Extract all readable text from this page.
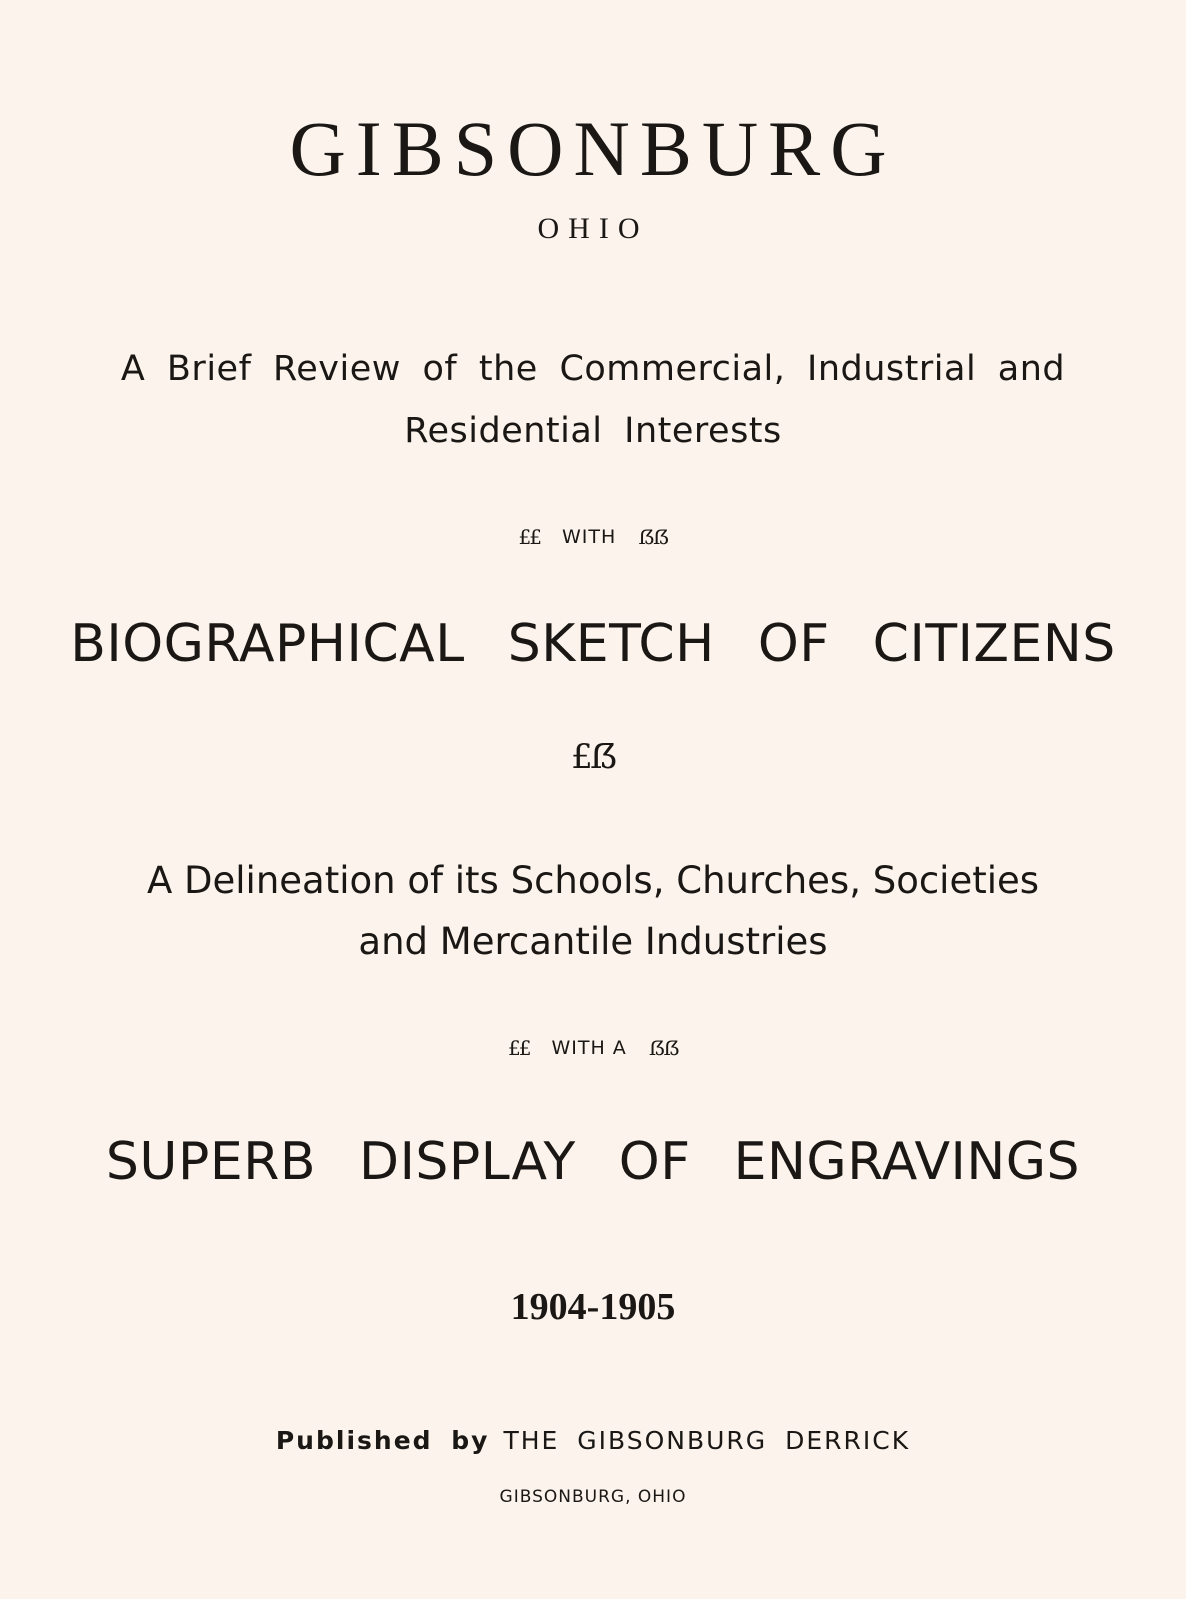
GIBSONBURG
OHIO
A Brief Review of the Commercial, Industrial and
Residential Interests
££ WITH ẞẞ
BIOGRAPHICAL SKETCH OF CITIZENS
£ẞ
A Delineation of its Schools, Churches, Societies
and Mercantile Industries
££ WITH A ẞẞ
SUPERB DISPLAY OF ENGRAVINGS
1904-1905
Published by THE GIBSONBURG DERRICK
GIBSONBURG, OHIO
